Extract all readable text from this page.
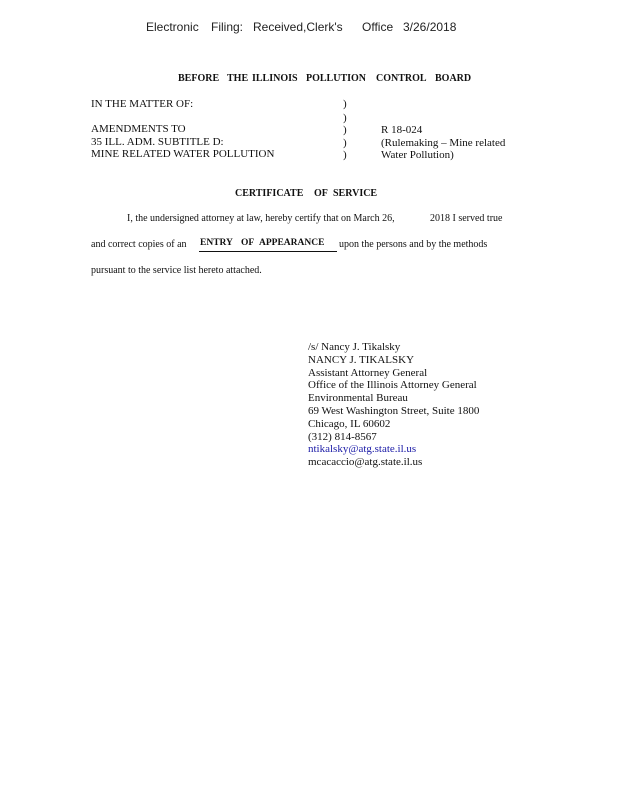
Electronic Filing: Received,Clerk's Office 3/26/2018
BEFORE THE ILLINOIS POLLUTION CONTROL BOARD
IN THE MATTER OF:
AMENDMENTS TO
35 ILL. ADM. SUBTITLE D:
MINE RELATED WATER POLLUTION
)
)
)
)
)
R 18-024
(Rulemaking – Mine related
Water Pollution)
CERTIFICATE OF SERVICE
I, the undersigned attorney at law, hereby certify that on March 26,	2018 I served true
and correct copies of an ENTRY OF APPEARANCE upon the persons and by the methods
pursuant to the service list hereto attached.
/s/ Nancy J. Tikalsky
NANCY J. TIKALSKY
Assistant Attorney General
Office of the Illinois Attorney General
Environmental Bureau
69 West Washington Street, Suite 1800
Chicago, IL 60602
(312) 814-8567
ntikalsky@atg.state.il.us
mcacaccio@atg.state.il.us
